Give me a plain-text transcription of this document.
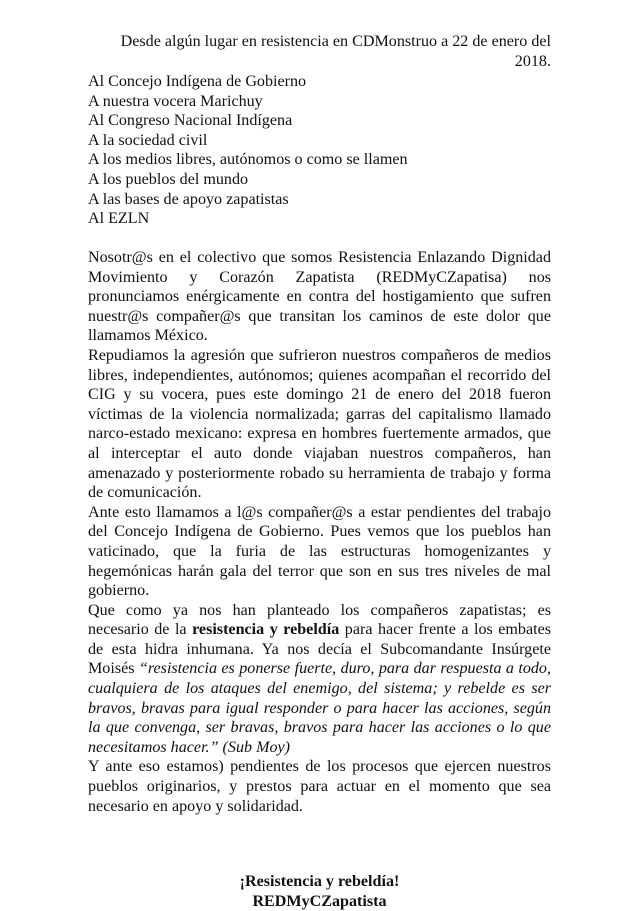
Desde algún lugar en resistencia en CDMonstruo a 22 de enero del 2018.
Al Concejo Indígena de Gobierno
A nuestra vocera Marichuy
Al Congreso Nacional Indígena
A la sociedad civil
A los medios libres, autónomos o como se llamen
A los pueblos del mundo
A las bases de apoyo zapatistas
Al EZLN

Nosotr@s en el colectivo que somos Resistencia Enlazando Dignidad Movimiento y Corazón Zapatista (REDMyCZapatisa) nos pronunciamos enérgicamente en contra del hostigamiento que sufren nuestr@s compañer@s que transitan los caminos de este dolor que llamamos México.

Repudiamos la agresión que sufrieron nuestros compañeros de medios libres, independientes, autónomos; quienes acompañan el recorrido del CIG y su vocera, pues este domingo 21 de enero del 2018 fueron víctimas de la violencia normalizada; garras del capitalismo llamado narco-estado mexicano: expresa en hombres fuertemente armados, que al interceptar el auto donde viajaban nuestros compañeros, han amenazado y posteriormente robado su herramienta de trabajo y forma de comunicación.

Ante esto llamamos a l@s compañer@s a estar pendientes del trabajo del Concejo Indígena de Gobierno. Pues vemos que los pueblos han vaticinado, que la furia de las estructuras homogenizantes y hegemónicas harán gala del terror que son en sus tres niveles de mal gobierno.

Que como ya nos han planteado los compañeros zapatistas; es necesario de la resistencia y rebeldía para hacer frente a los embates de esta hidra inhumana. Ya nos decía el Subcomandante Insúrgete Moisés “resistencia es ponerse fuerte, duro, para dar respuesta a todo, cualquiera de los ataques del enemigo, del sistema; y rebelde es ser bravos, bravas para igual responder o para hacer las acciones, según la que convenga, ser bravas, bravos para hacer las acciones o lo que necesitamos hacer.” (Sub Moy)

Y ante eso estamos) pendientes de los procesos que ejercen nuestros pueblos originarios, y prestos para actuar en el momento que sea necesario en apoyo y solidaridad.

¡Resistencia y rebeldía!
REDMyCZapatista
